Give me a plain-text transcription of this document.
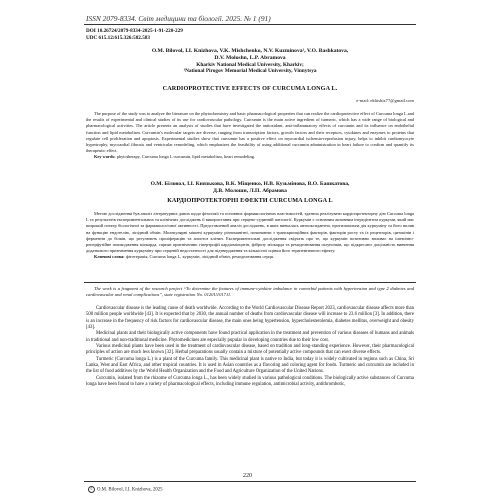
ISSN 2079-8334. Світ медицини та біології. 2025. № 1 (91)
DOI 10.26724/2079-8334-2025-1-91-220-229
UDC 615.12:615.326:582.583
O.M. Bilovol, I.I. Knizhova, V.K. Mishchenko, N.V. Kuzminova¹, V.O. Bashkatova,
D.V. Moloshn, L.P. Abramova
Kharkiv National Medical University, Kharkiv;
¹National Pirogov Memorial Medical University, Vinnytsya
CARDIOPROTECTIVE EFFECTS OF CURCUMA LONGA L.
e-mail: ekhishiz77@gmail.com
The purpose of the study was to analyze the literature on the phytochemistry and basic pharmacological properties that can realize the cardioprotective effect of Curcuma longa L and the results of experimental and clinical studies of its use for cardiovascular pathology. Curcumin is the main active ingredient of turmeric, which has a wide range of biological and pharmacological activities. The article presents an analysis of studies that have investigated the antioxidant, anti-inflammatory effects of curcumin and its influence on endothelial function and lipid metabolism. Curcumin’s molecular targets are diverse, ranging from transcription factors, growth factors and their receptors, cytokines and enzymes to proteins that regulate cell proliferation and apoptosis. Experimental studies show that curcumin has a positive effect on myocardial ischemia-reperfusion injury, helps to inhibit cardiomyocyte hypertrophy, myocardial fibrosis and ventricular remodeling, which emphasizes the feasibility of using additional curcumin administration in heart failure to confirm and quantify its therapeutic effect.
Key words: phytotherapy, Curcuma longa L curcumin, lipid metabolism, heart remodeling.
О.М. Біловол, І.І. Князькова, В.К. Міщенко, Н.В. Кузьмінова, В.О. Башкатова,
Д.В. Молошн, Л.П. Абрамова
КАРДІОПРОТЕКТОРНІ ЕФЕКТИ CURCUMA LONGA L
Метою дослідження був аналіз літературних даних щодо фітохімії та основних фармакологічних властивостей, здатних реалізувати кардіопротекторну дію Curcuma longa L та результатів експериментальних та клінічних досліджень її використання при серцево-судинній патології. Куркумін є основним активним інгредієнтом куркуми, який має широкий спектр біологічної та фармакологічної активності. Представлений аналіз досліджень, в яких вивчалась антиоксидантна, протизапальна дія куркуміну та його вплив на функцію ендотелію, ліпідний обмін. Молекулярні мішені куркуміну різноманітні, починаючи з транскрипційних факторів, факторів росту та їх рецепторів, цитокінів і ферментів до білків, що регулюють проліферацію та апоптоз клітин. Експериментальні дослідження свідчать про те, що куркумін позитивно впливає на ішемічно-реперфузійне пошкодження міокарда, сприяє пригніченню гіпертрофії кардіоміоцитів, фіброзу міокарда та ремоделювання шлуночків, що підкреслює доцільність вивчення додаткового призначення куркуміну при серцевій недостатності для підтвердження та кількісної оцінки його терапевтичного ефекту.
Ключові слова: фітотерапія, Curcuma longa L, куркумін, ліпідний обмін, ремоделювання серця.
The work is a fragment of the research project “To determine the features of immune-cytokine imbalance in comorbid patients with hypertension and type 2 diabetes and cardiovascular and renal complications”, state registration No. 0120U101711.

Cardiovascular disease is the leading cause of death worldwide. According to the World Cardiovascular Disease Report 2023, cardiovascular disease affects more than 500 million people worldwide [43]. It is expected that by 2030, the annual number of deaths from cardiovascular disease will increase to 23.6 million [3]. In addition, there is an increase in the frequency of risk factors for cardiovascular disease, the main ones being hypertension, hypercholesterolemia, diabetes mellitus, overweight and obesity [43].

Medicinal plants and their biologically active components have found practical application in the treatment and prevention of various diseases of humans and animals in traditional and non-traditional medicine. Phytomedicines are especially popular in developing countries due to their low cost.

Various medicinal plants have been used in the treatment of cardiovascular disease, based on tradition and long-standing experience. However, their pharmacological principles of action are much less known [32]. Herbal preparations usually contain a mixture of potentially active compounds that can exert diverse effects.

Turmeric (Curcuma longa L.) is a plant of the Curcuma family. This medicinal plant is native to India, but today it is widely cultivated in regions such as China, Sri Lanka, West and East Africa, and other tropical countries. It is used in Asian countries as a flavoring and coloring agent for foods. Turmeric and curcumin are included in the list of food additives by the World Health Organization and the Food and Agriculture Organization of the United Nations.

Curcumin, isolated from the rhizome of Curcuma longa L., has been widely studied in various pathological conditions. The biologically active substances of Curcuma longa have been found to have a variety of pharmacological effects, including immune regulation, antimicrobial activity, antithrombotic,

220
© O.M. Bilovol, I.I. Knizhova, 2025
